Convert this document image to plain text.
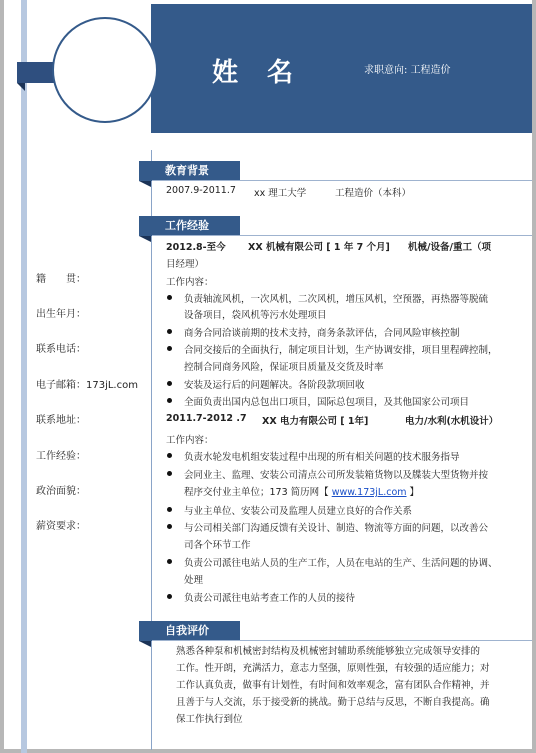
姓 名	求职意向: 工程造价
籍　　贯：
出生年月：
联系电话：
电子邮箱：173jL.com
联系地址：
工作经验：
政治面貌：
薪资要求：
教育背景
2007.9-2011.7 xx 理工大学	工程造价（本科）
工作经验
2012.8-至今 XX 机械有限公司 [ 1 年 7 个月] 机械/设备/重工（项
目经理）
工作内容：
负责轴流风机，一次风机，二次风机，增压风机，空预器，再热器等脱硫
设备项目，袋风机等污水处理项目
商务合同洽谈前期的技术支持，商务条款评估，合同风险审核控制
合同交接后的全面执行，制定项目计划，生产协调安排，项目里程碑控制，
控制合同商务风险，保证项目质量及交货及时率
安装及运行后的问题解决。各阶段款项回收
全面负责出国内总包出口项目，国际总包项目，及其他国家公司项目
2011.7-2012 .7 XX 电力有限公司 [ 1年]	电力/水利(水机设计）
工作内容：
负责水轮发电机组安装过程中出现的所有相关问题的技术服务指导
会同业主、监理、安装公司清点公司所发装箱货物以及牒装大型货物并按
程序交付业主单位；173 简历网【 www.173jL.com 】
与业主单位、安装公司及监理人员建立良好的合作关系
与公司相关部门沟通反馈有关设计、制造、物流等方面的问题，以改善公
司各个环节工作
负责公司派往电站人员的生产工作，人员在电站的生产、生活问题的协调、
处理
负责公司派往电站考查工作的人员的接待
自我评价
熟悉各种泵和机械密封结构及机械密封辅助系统能够独立完成领导安排的
工作。性开朗，充满活力，意志力坚强，原则性强，有较强的适应能力；对
工作认真负责，做事有计划性，有时间和效率观念，富有团队合作精神，并
且善于与人交流，乐于接受新的挑战。勤于总结与反思，不断自我提高。确
保工作执行到位
